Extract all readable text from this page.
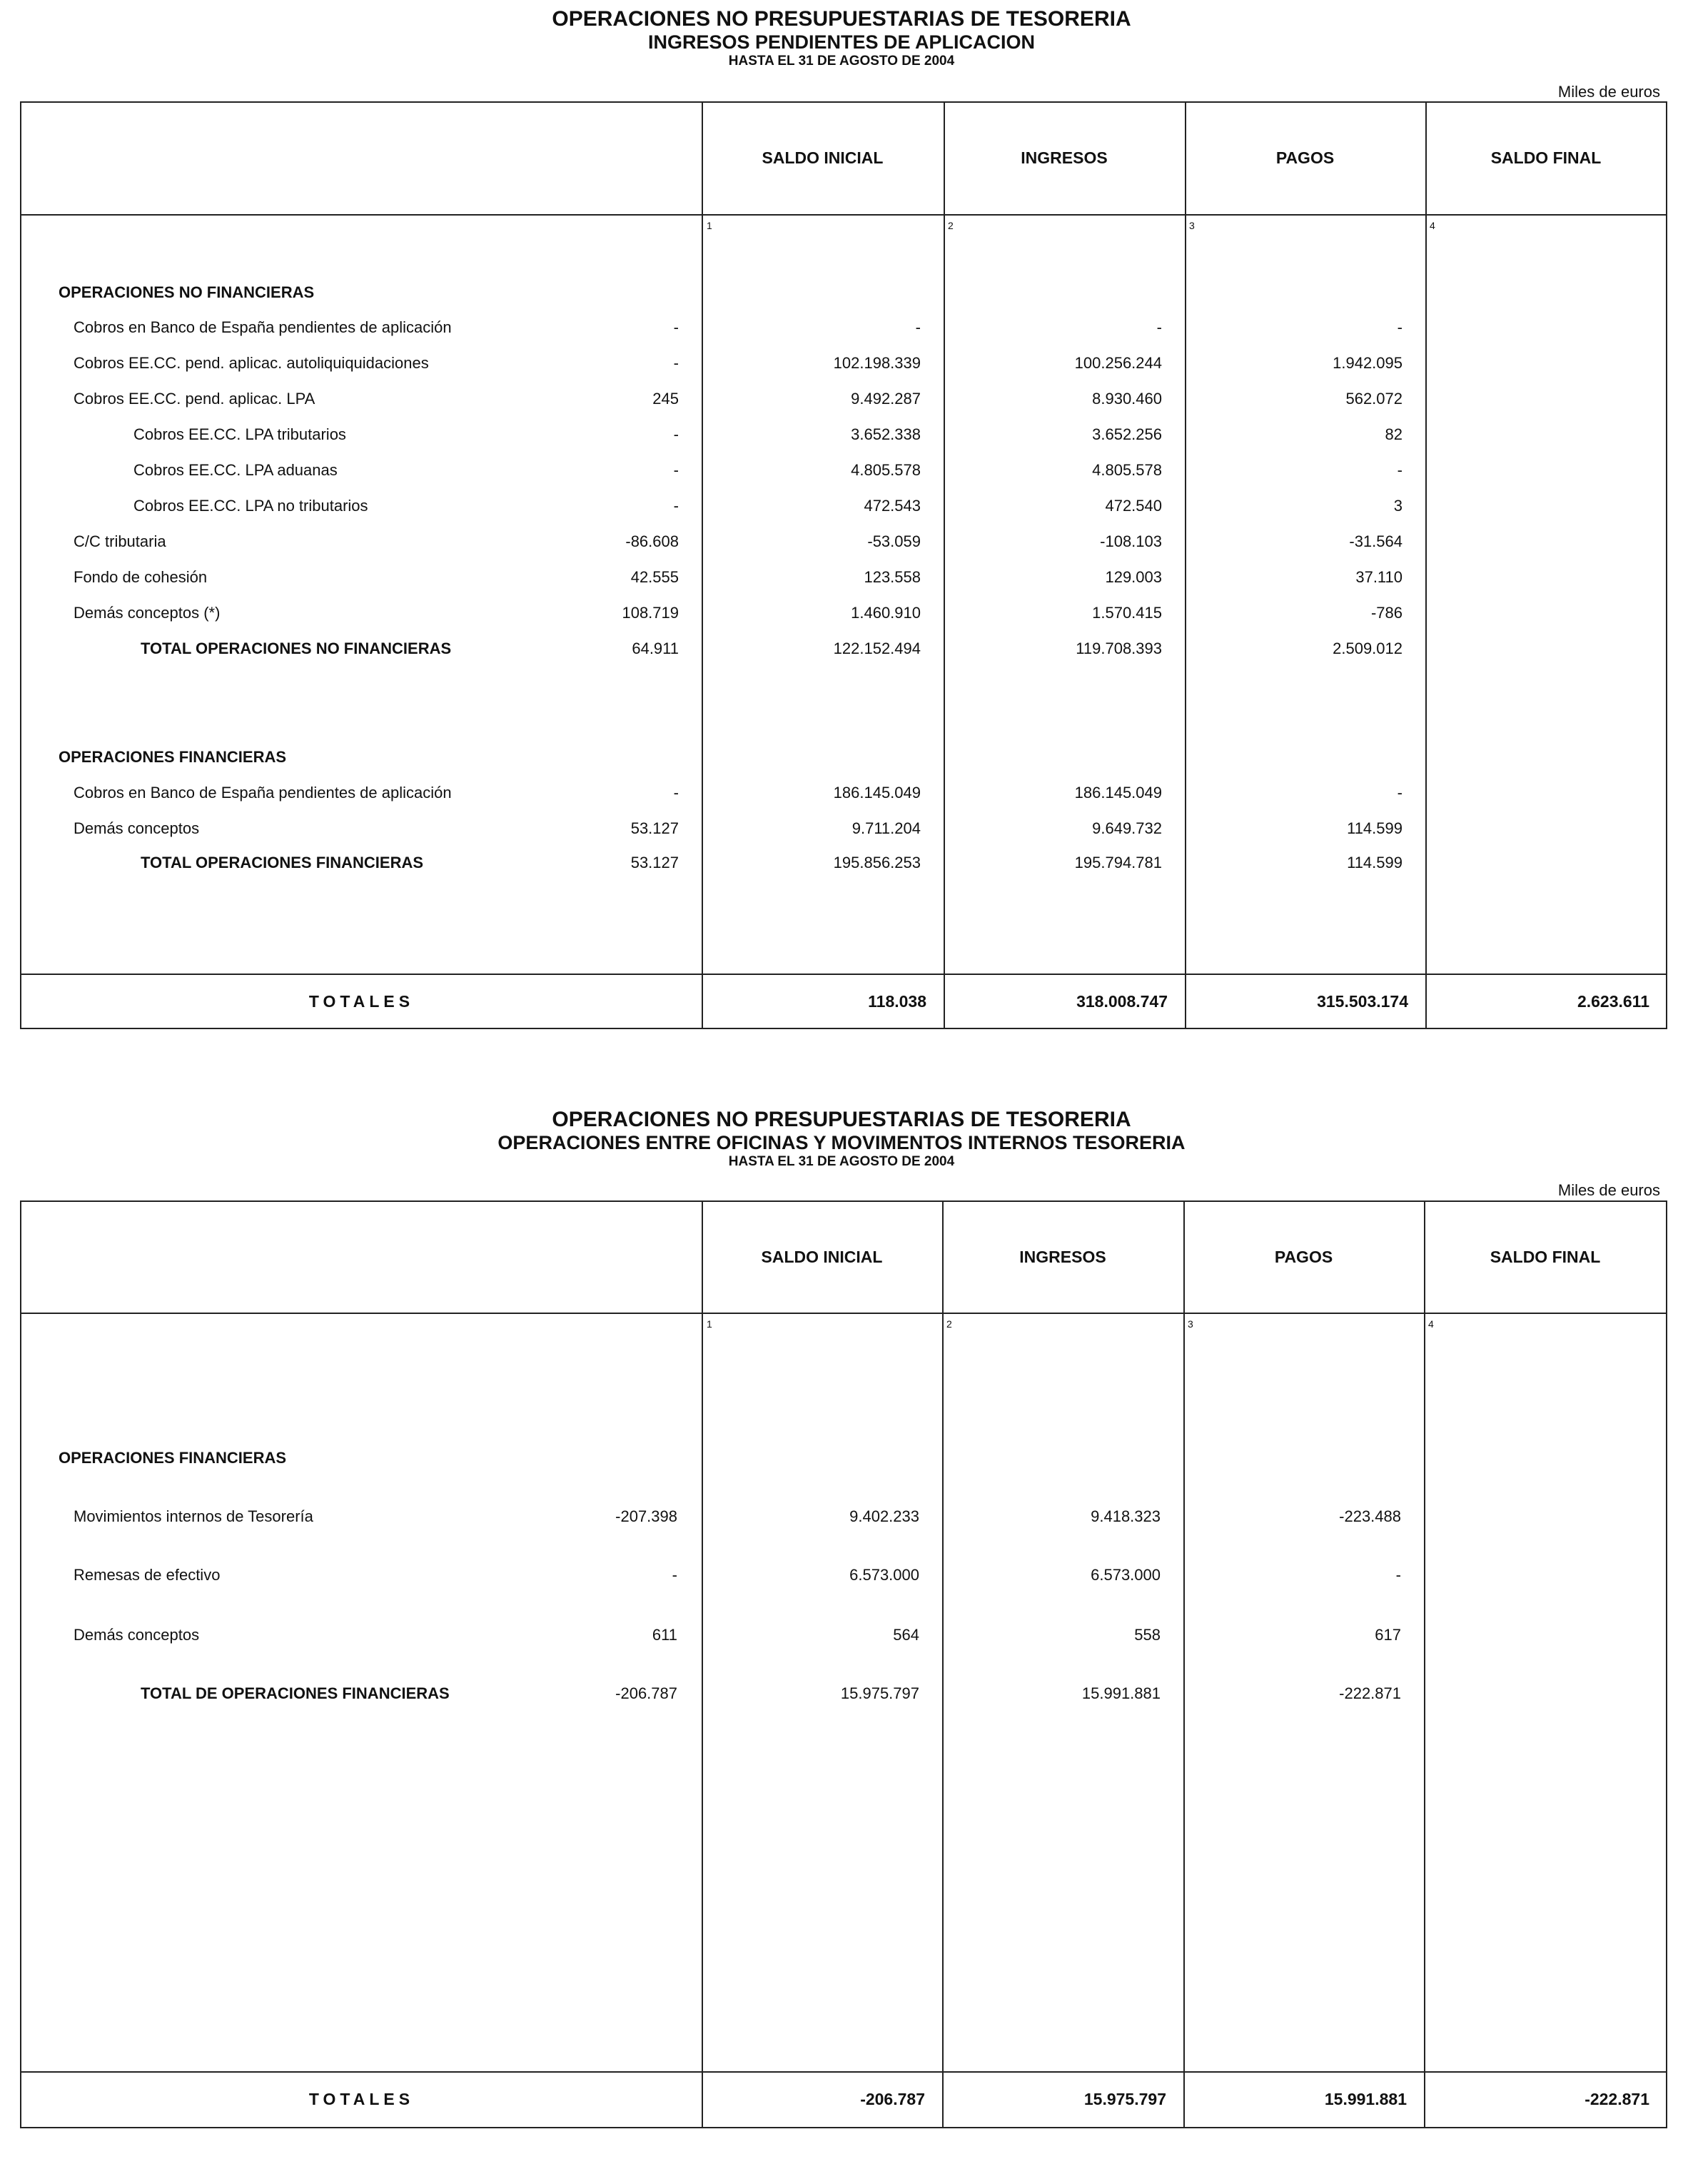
OPERACIONES NO PRESUPUESTARIAS DE TESORERIA
INGRESOS PENDIENTES DE APLICACION
HASTA EL 31 DE AGOSTO DE 2004
Miles de euros
SALDO INICIAL	INGRESOS	PAGOS	SALDO FINAL
1	2	3	4
OPERACIONES NO FINANCIERAS
Cobros en Banco de España pendientes de aplicación	-	-	-	-
Cobros EE.CC. pend. aplicac. autoliquiquidaciones	-	102.198.339	100.256.244	1.942.095
Cobros EE.CC. pend. aplicac. LPA	245	9.492.287	8.930.460	562.072
Cobros EE.CC. LPA tributarios	-	3.652.338	3.652.256	82
Cobros EE.CC. LPA aduanas	-	4.805.578	4.805.578	-
Cobros EE.CC. LPA no tributarios	-	472.543	472.540	3
C/C tributaria	-86.608	-53.059	-108.103	-31.564
Fondo de cohesión	42.555	123.558	129.003	37.110
Demás conceptos (*)	108.719	1.460.910	1.570.415	-786
TOTAL OPERACIONES NO FINANCIERAS	64.911	122.152.494	119.708.393	2.509.012
OPERACIONES FINANCIERAS
Cobros en Banco de España pendientes de aplicación	-	186.145.049	186.145.049	-
Demás conceptos	53.127	9.711.204	9.649.732	114.599
TOTAL OPERACIONES FINANCIERAS	53.127	195.856.253	195.794.781	114.599
TOTALES	118.038	318.008.747	315.503.174	2.623.611
OPERACIONES NO PRESUPUESTARIAS DE TESORERIA
OPERACIONES ENTRE OFICINAS Y MOVIMENTOS INTERNOS TESORERIA
HASTA EL 31 DE AGOSTO DE 2004
Miles de euros
SALDO INICIAL	INGRESOS	PAGOS	SALDO FINAL
1	2	3	4
OPERACIONES FINANCIERAS
Movimientos internos de Tesorería	-207.398	9.402.233	9.418.323	-223.488
Remesas de efectivo	-	6.573.000	6.573.000	-
Demás conceptos	611	564	558	617
TOTAL DE OPERACIONES FINANCIERAS	-206.787	15.975.797	15.991.881	-222.871
TOTALES	-206.787	15.975.797	15.991.881	-222.871
